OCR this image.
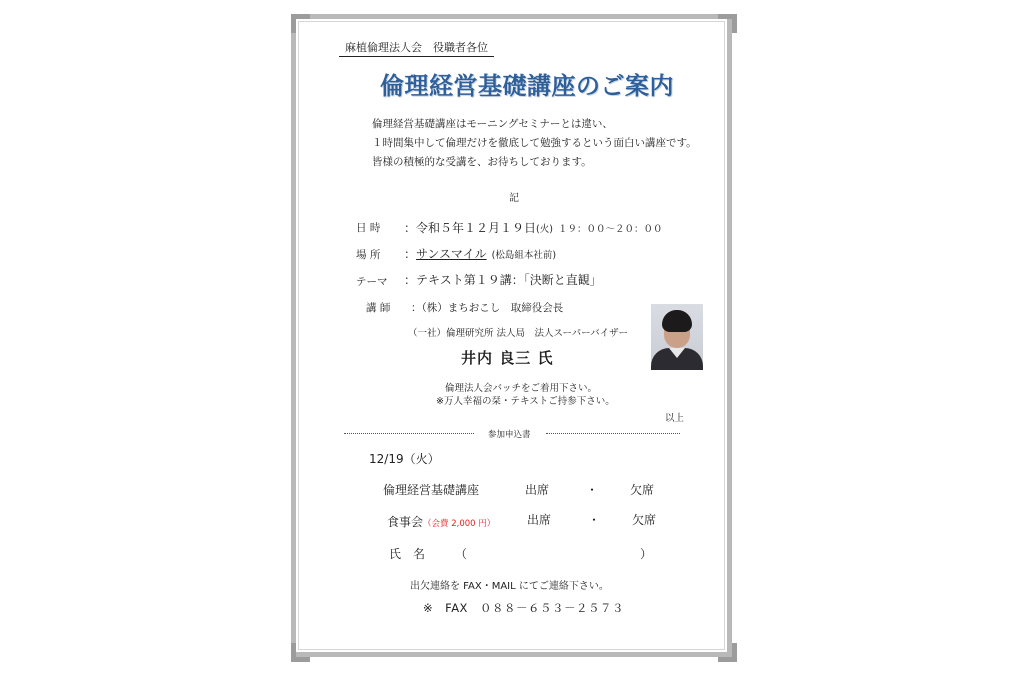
麻植倫理法人会　役職者各位
倫理経営基礎講座のご案内
倫理経営基礎講座はモーニングセミナーとは違い、
１時間集中して倫理だけを徹底して勉強するという面白い講座です。
皆様の積極的な受講を、お待ちしております。
記
日 時 ：令和５年１２月１９日(火) １９：００～２０：００
場 所 ：サンスマイル (松島組本社前)
テーマ ：テキスト第１９講：「決断と直観」
講 師 ：（株）まちおこし　取締役会長
（一社）倫理研究所 法人局　法人スーパーバイザー
井内 良三 氏
倫理法人会バッチをご着用下さい。
※万人幸福の栞・テキストご持参下さい。
以上
参加申込書
12/19（火）
倫理経営基礎講座	出席	・	欠席
食事会（会費 2,000 円）	出席	・	欠席
氏　名 （	）
出欠連絡を FAX・MAIL にてご連絡下さい。
※　FAX　０８８－６５３－２５７３
